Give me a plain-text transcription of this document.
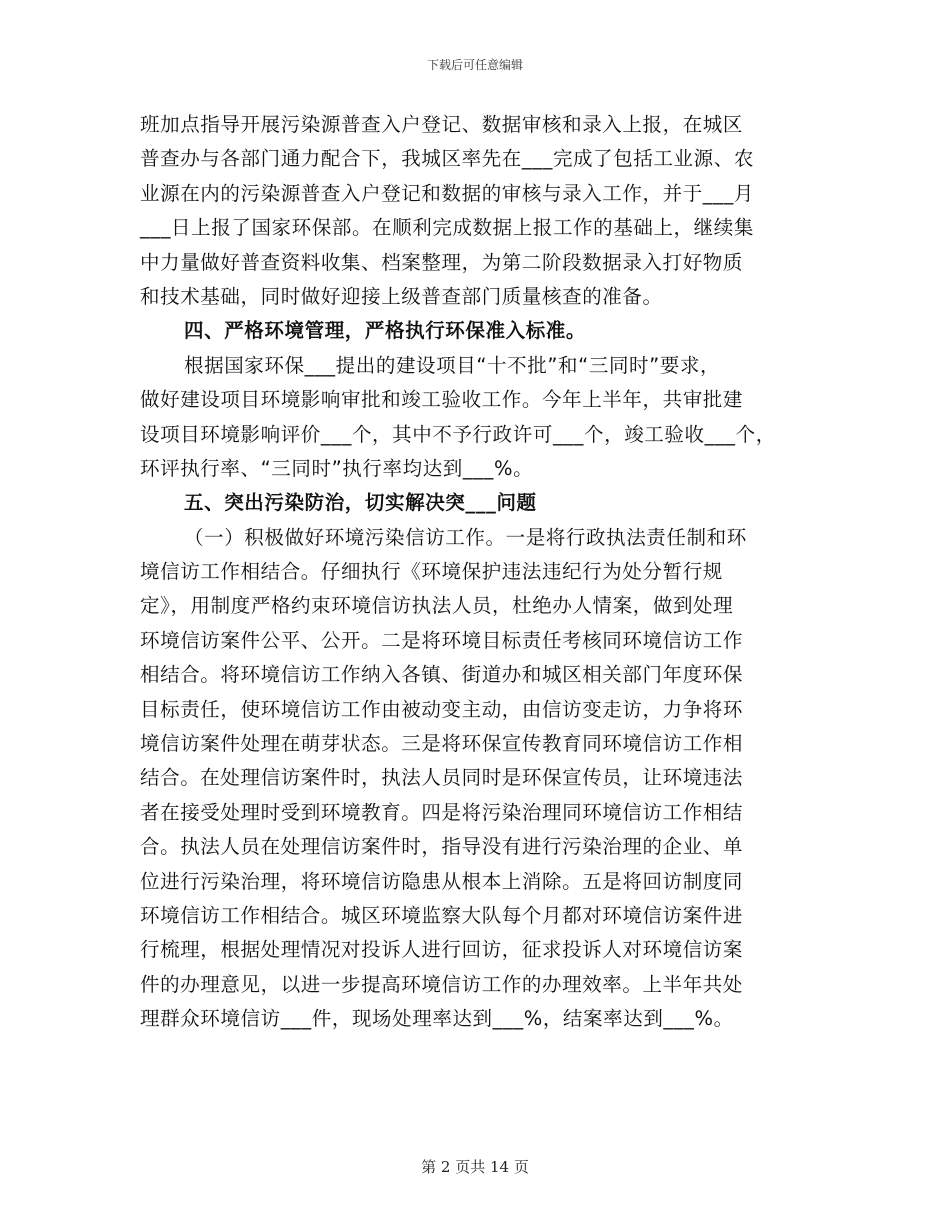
下载后可任意编辑
班加点指导开展污染源普查入户登记、数据审核和录入上报，在城区
普查办与各部门通力配合下，我城区率先在___完成了包括工业源、农
业源在内的污染源普查入户登记和数据的审核与录入工作，并于___月
___日上报了国家环保部。在顺利完成数据上报工作的基础上，继续集
中力量做好普查资料收集、档案整理，为第二阶段数据录入打好物质
和技术基础，同时做好迎接上级普查部门质量核查的准备。
四、严格环境管理，严格执行环保准入标准。
根据国家环保___提出的建设项目“十不批”和“三同时”要求，
做好建设项目环境影响审批和竣工验收工作。今年上半年，共审批建
设项目环境影响评价___个，其中不予行政许可___个，竣工验收___个，
环评执行率、“三同时”执行率均达到___%。
五、突出污染防治，切实解决突___问题
（一）积极做好环境污染信访工作。一是将行政执法责任制和环
境信访工作相结合。仔细执行《环境保护违法违纪行为处分暂行规
定》，用制度严格约束环境信访执法人员，杜绝办人情案，做到处理
环境信访案件公平、公开。二是将环境目标责任考核同环境信访工作
相结合。将环境信访工作纳入各镇、街道办和城区相关部门年度环保
目标责任，使环境信访工作由被动变主动，由信访变走访，力争将环
境信访案件处理在萌芽状态。三是将环保宣传教育同环境信访工作相
结合。在处理信访案件时，执法人员同时是环保宣传员，让环境违法
者在接受处理时受到环境教育。四是将污染治理同环境信访工作相结
合。执法人员在处理信访案件时，指导没有进行污染治理的企业、单
位进行污染治理，将环境信访隐患从根本上消除。五是将回访制度同
环境信访工作相结合。城区环境监察大队每个月都对环境信访案件进
行梳理，根据处理情况对投诉人进行回访，征求投诉人对环境信访案
件的办理意见，以进一步提高环境信访工作的办理效率。上半年共处
理群众环境信访___件，现场处理率达到___%，结案率达到___%。
第 2 页共 14 页
